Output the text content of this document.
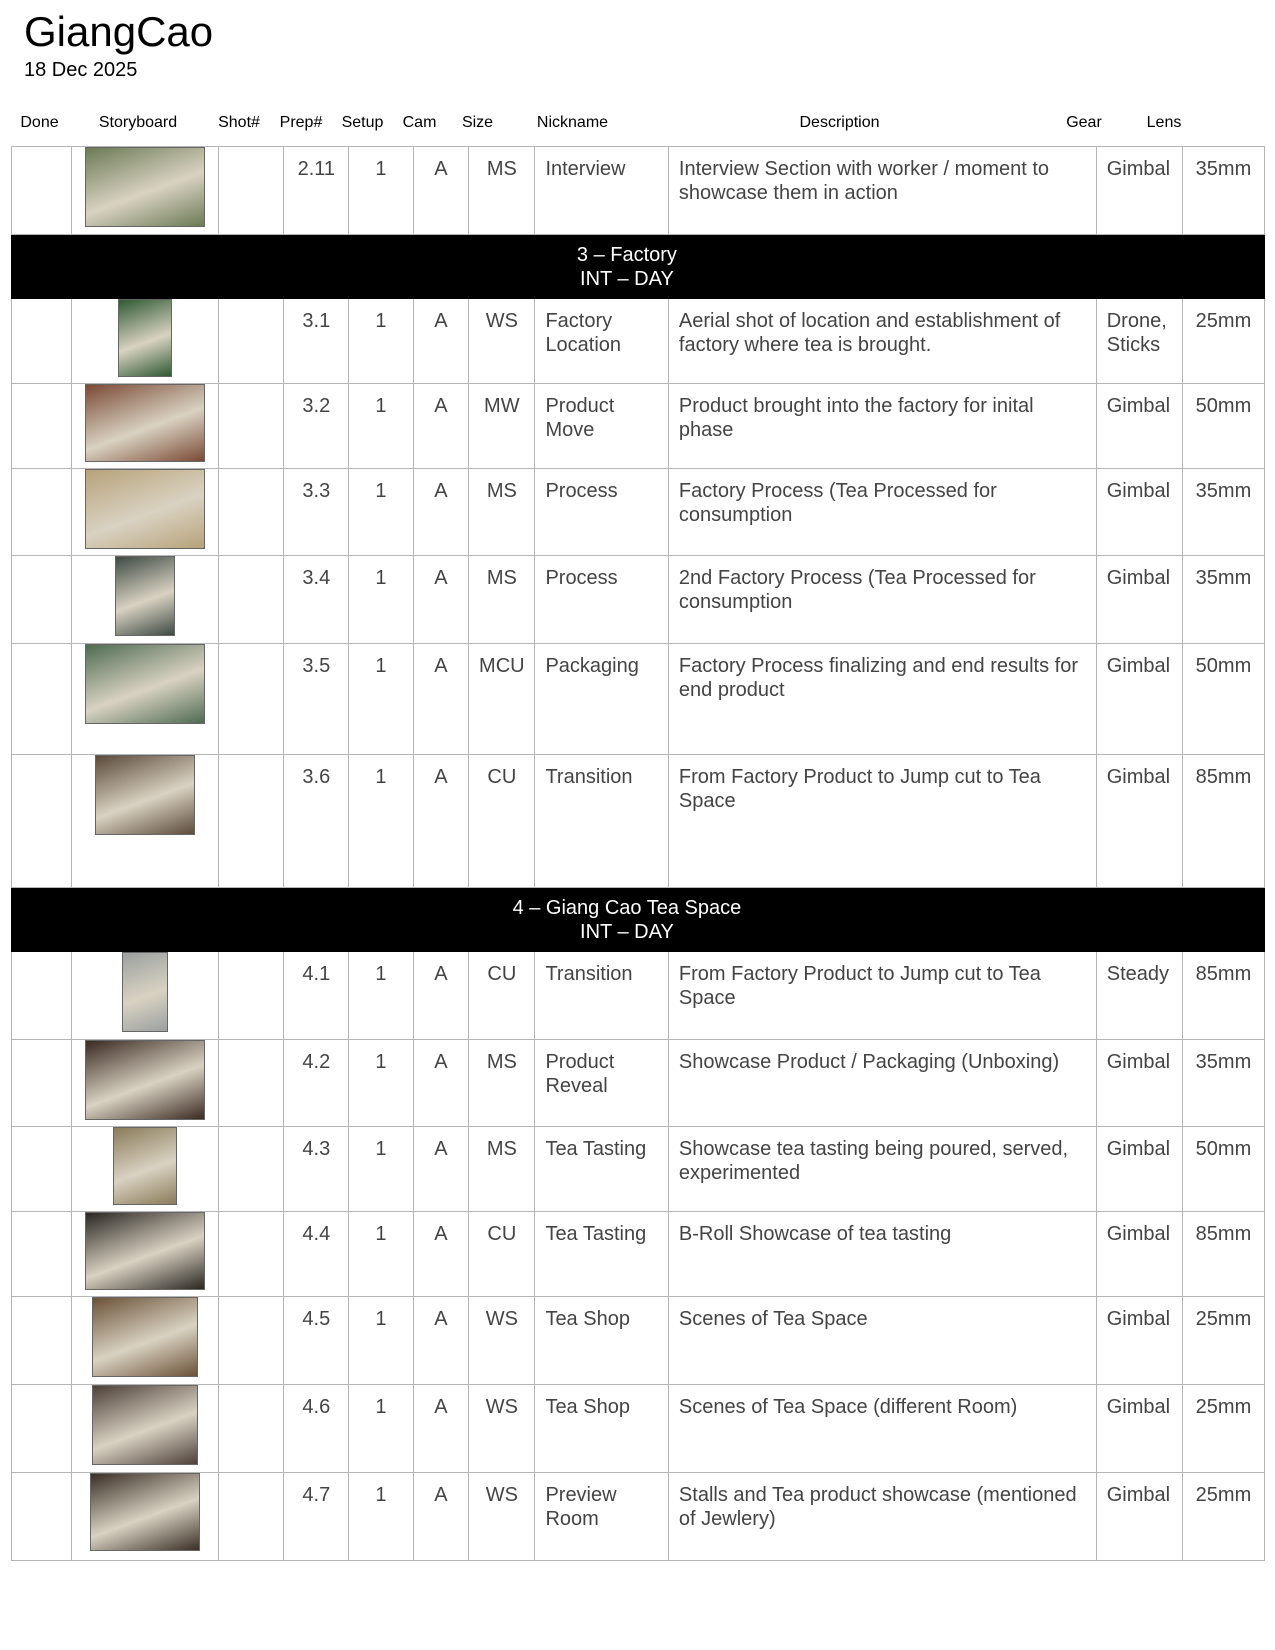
GiangCao
18 Dec 2025
Done	Storyboard	Shot#	Prep#	Setup	Cam	Size	Nickname	Description	Gear	Lens
			2.11	1	A	MS	Interview	Interview Section with worker / moment to showcase them in action	Gimbal	35mm

	3 – Factory
INT – DAY									

			3.1	1	A	WS	Factory Location	Aerial shot of location and establishment of factory where tea is brought.	Drone, Sticks	25mm
			3.2	1	A	MW	Product Move	Product brought into the factory for inital phase	Gimbal	50mm
			3.3	1	A	MS	Process	Factory Process (Tea Processed for consumption	Gimbal	35mm
			3.4	1	A	MS	Process	2nd Factory Process (Tea Processed for consumption	Gimbal	35mm
			3.5	1	A	MCU	Packaging	Factory Process finalizing and end results for end product	Gimbal	50mm
			3.6	1	A	CU	Transition	From Factory Product to Jump cut to Tea Space	Gimbal	85mm

	4 – Giang Cao Tea Space
INT – DAY									

			4.1	1	A	CU	Transition	From Factory Product to Jump cut to Tea Space	Steady	85mm
			4.2	1	A	MS	Product Reveal	Showcase Product / Packaging (Unboxing)	Gimbal	35mm
			4.3	1	A	MS	Tea Tasting	Showcase tea tasting being poured, served, experimented	Gimbal	50mm
			4.4	1	A	CU	Tea Tasting	B-Roll Showcase of tea tasting	Gimbal	85mm
			4.5	1	A	WS	Tea Shop	Scenes of Tea Space	Gimbal	25mm
			4.6	1	A	WS	Tea Shop	Scenes of Tea Space (different Room)	Gimbal	25mm
			4.7	1	A	WS	Preview Room	Stalls and Tea product showcase (mentioned of Jewlery)	Gimbal	25mm
